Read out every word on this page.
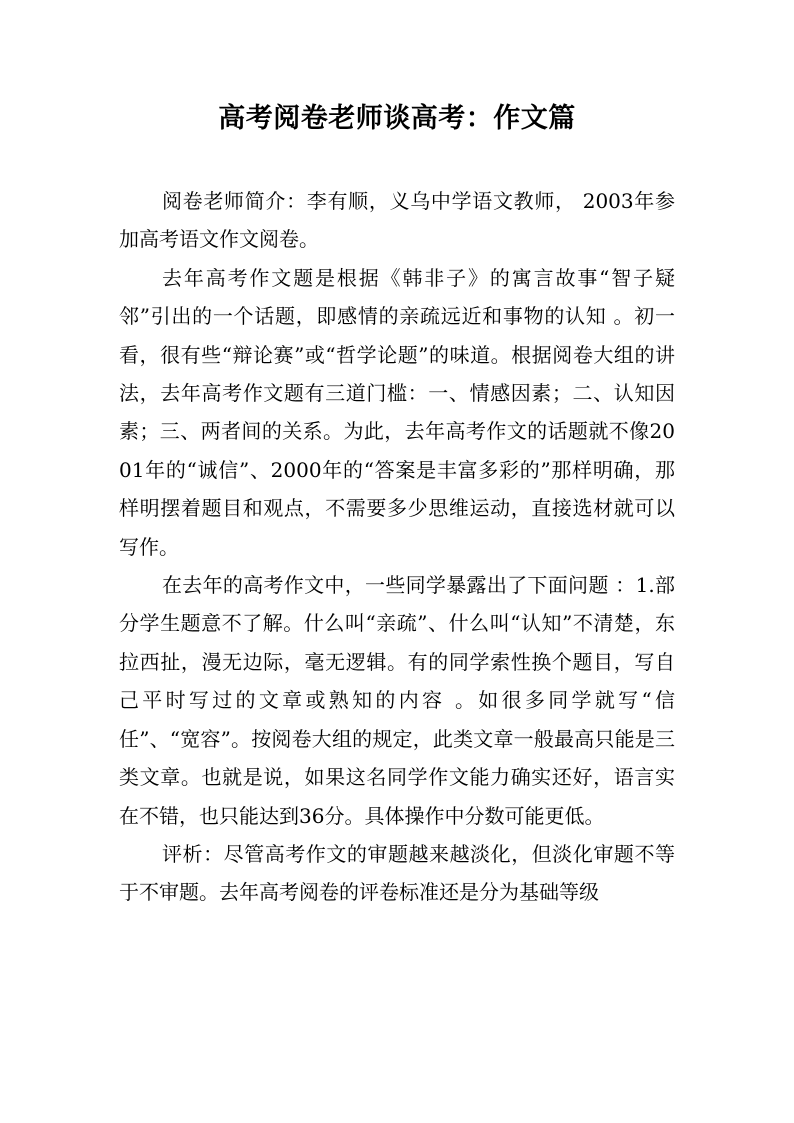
高考阅卷老师谈高考：作文篇

阅卷老师简介：李有顺，义乌中学语文教师， 2003年参加高考语文作文阅卷。

去年高考作文题是根据《韩非子》的寓言故事“智子疑邻”引出的一个话题，即感情的亲疏远近和事物的认知 。初一看，很有些“辩论赛”或“哲学论题”的味道。根据阅卷大组的讲法，去年高考作文题有三道门槛：一、情感因素；二、认知因素；三、两者间的关系。为此，去年高考作文的话题就不像2001年的“诚信”、2000年的“答案是丰富多彩的”那样明确，那样明摆着题目和观点，不需要多少思维运动，直接选材就可以写作。

在去年的高考作文中，一些同学暴露出了下面问题 ：1.部分学生题意不了解。什么叫“亲疏”、什么叫“认知”不清楚，东拉西扯，漫无边际，毫无逻辑。有的同学索性换个题目，写自己平时写过的文章或熟知的内容 。如很多同学就写“信任”、“宽容”。按阅卷大组的规定，此类文章一般最高只能是三类文章。也就是说，如果这名同学作文能力确实还好，语言实在不错，也只能达到36分。具体操作中分数可能更低。

评析：尽管高考作文的审题越来越淡化，但淡化审题不等于不审题。去年高考阅卷的评卷标准还是分为基础等级
